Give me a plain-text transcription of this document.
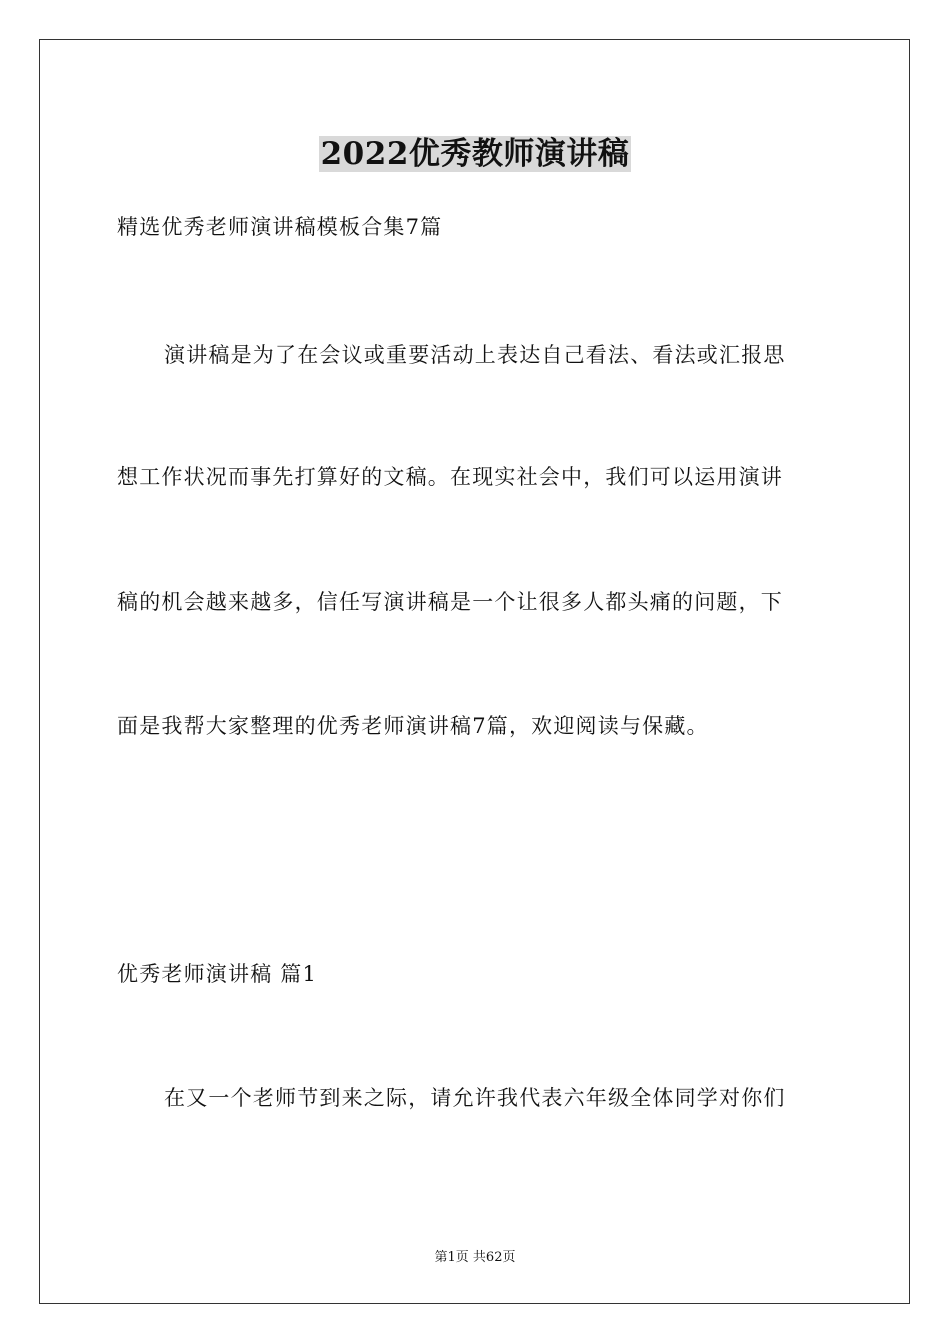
2022优秀教师演讲稿
精选优秀老师演讲稿模板合集7篇
演讲稿是为了在会议或重要活动上表达自己看法、看法或汇报思
想工作状况而事先打算好的文稿。在现实社会中，我们可以运用演讲
稿的机会越来越多，信任写演讲稿是一个让很多人都头痛的问题，下
面是我帮大家整理的优秀老师演讲稿7篇，欢迎阅读与保藏。
优秀老师演讲稿 篇1
在又一个老师节到来之际，请允许我代表六年级全体同学对你们
第1页 共62页
